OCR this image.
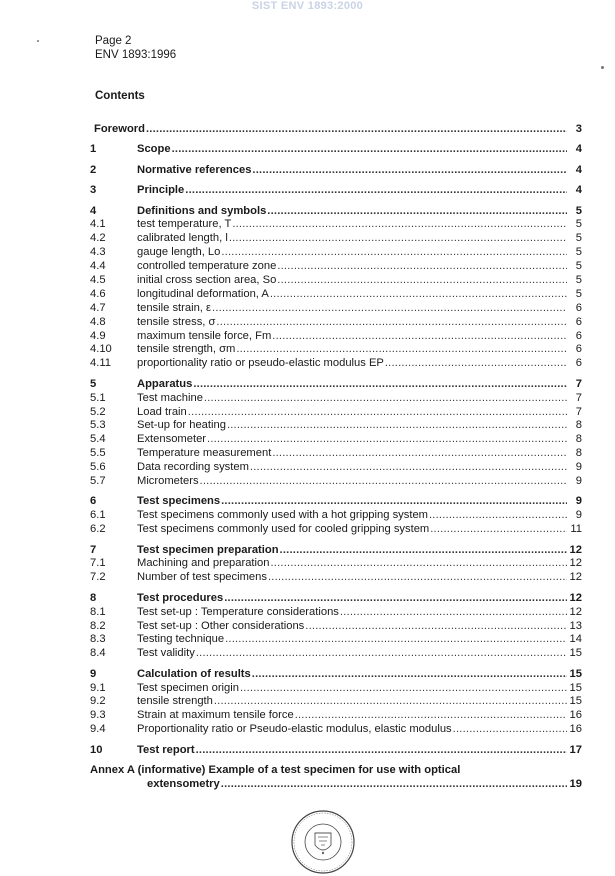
SIST ENV 1893:2000
Page 2
ENV 1893:1996
Contents
Foreword .....	3
1	Scope .....	4
2	Normative references .....	4
3	Principle .....	4
4	Definitions and symbols .....	5
4.1	test temperature, T .....	5
4.2	calibrated length, l .....	5
4.3	gauge length, Lo .....	5
4.4	controlled temperature zone .....	5
4.5	initial cross section area, So .....	5
4.6	longitudinal deformation, A .....	5
4.7	tensile strain, ε .....	6
4.8	tensile stress, σ .....	6
4.9	maximum tensile force, Fm .....	6
4.10	tensile strength, σm .....	6
4.11	proportionality ratio or pseudo-elastic modulus EP .....	6
5	Apparatus .....	7
5.1	Test machine .....	7
5.2	Load train .....	7
5.3	Set-up for heating .....	8
5.4	Extensometer .....	8
5.5	Temperature measurement .....	8
5.6	Data recording system .....	9
5.7	Micrometers .....	9
6	Test specimens .....	9
6.1	Test specimens commonly used with a hot gripping system .....	9
6.2	Test specimens commonly used for cooled gripping system .....	11
7	Test specimen preparation .....	12
7.1	Machining and preparation .....	12
7.2	Number of test specimens .....	12
8	Test procedures .....	12
8.1	Test set-up : Temperature considerations .....	12
8.2	Test set-up : Other considerations .....	13
8.3	Testing technique .....	14
8.4	Test validity .....	15
9	Calculation of results .....	15
9.1	Test specimen origin .....	15
9.2	tensile strength .....	15
9.3	Strain at maximum tensile force .....	16
9.4	Proportionality ratio or Pseudo-elastic modulus, elastic modulus .....	16
10	Test report .....	17
Annex A (informative) Example of a test specimen for use with optical
extensometry .....	19
